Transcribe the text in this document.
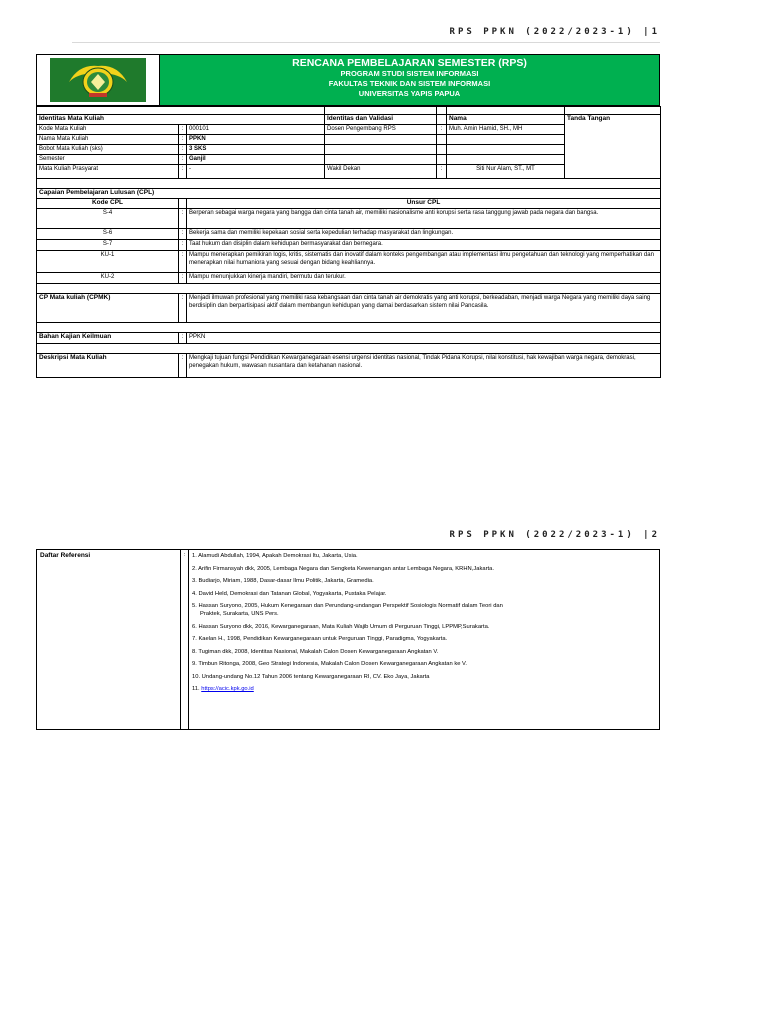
RPS PPKN (2022/2023-1) |1
RENCANA PEMBELAJARAN SEMESTER (RPS)
PROGRAM STUDI SISTEM INFORMASI
FAKULTAS TEKNIK DAN SISTEM INFORMASI
UNIVERSITAS YAPIS PAPUA

Identitas Mata Kuliah			Identitas dan Validasi		Nama	Tanda Tangan
Kode Mata Kuliah	:	000101	Dosen Pengembang RPS	:	Muh. Amin Hamid, SH., MH	
Nama Mata Kuliah	:	PPKN				
Bobot Mata Kuliah (sks)	:	3 SKS				
Semester	:	Ganjil				
Mata Kuliah Prasyarat	:	-	Wakil Dekan	:	Siti Nur Alam, ST., MT	

Capaian Pembelajaran Lulusan (CPL)						
Kode CPL		Unsur CPL				
S-4	:	Berperan sebagai warga negara yang bangga dan cinta tanah air, memiliki nasionalisme anti korupsi serta rasa tanggung jawab pada negara dan bangsa.				
S-6	:	Bekerja sama dan memiliki kepekaan sosial serta kepedulian terhadap masyarakat dan lingkungan.				
S-7	:	Taat hukum dan disiplin dalam kehidupan bermasyarakat dan bernegara.				
KU-1	:	Mampu menerapkan pemikiran logis, kritis, sistematis dan inovatif dalam konteks pengembangan atau implementasi ilmu pengetahuan dan teknologi yang memperhatikan dan menerapkan nilai humaniora yang sesuai dengan bidang keahliannya.				
KU-2	:	Mampu menunjukkan kinerja mandiri, bermutu dan terukur.				

CP Mata kuliah (CPMK)	:	Menjadi ilmuwan profesional yang memiliki rasa kebangsaan dan cinta tanah air demokratis yang anti korupsi, berkeadaban, menjadi warga Negara yang memiliki daya saing berdisiplin dan berpartisipasi aktif dalam membangun kehidupan yang damai berdasarkan sistem nilai Pancasila.				

Bahan Kajian Keilmuan	:	PPKN				

Deskripsi Mata Kuliah	:	Mengkaji tujuan fungsi Pendidikan Kewarganegaraan esensi urgensi identitas nasional, Tindak Pidana Korupsi, nilai konstitusi, hak kewajiban warga negara, demokrasi, penegakan hukum, wawasan nusantara dan ketahanan nasional.				
RPS PPKN (2022/2023-1) |2
Daftar Referensi	:	1. Alamudi Abdullah, 1994, Apakah Demokrasi Itu, Jakarta, Usia.
2. Arifin Firmansyah dkk, 2005, Lembaga Negara dan Sengketa Kewenangan antar Lembaga Negara, KRHN,Jakarta.
3. Budiarjo, Miriam, 1988, Dasar-dasar Ilmu Politik, Jakarta, Gramedia.
4. David Held, Demokrasi dan Tatanan Global, Yogyakarta, Pustaka Pelajar.
5. Hassan Suryono, 2005, Hukum Kenegaraan dan Perundang-undangan Perspektif Sosiologis Normatif dalam Teori dan Praktek, Surakarta, UNS Pers.
6. Hassan Suryono dkk, 2016, Kewarganegaraan, Mata Kuliah Wajib Umum di Perguruan Tinggi, LPPMP,Surakarta.
7. Kaelan H., 1998, Pendidikan Kewarganegaraan untuk Perguruan Tinggi, Paradigma, Yogyakarta.
8. Tugiman dkk, 2008, Identitas Nasional, Makalah Calon Dosen Kewarganegaraan Angkatan V.
9. Timbun Ritonga, 2008, Geo Strategi Indonesia, Makalah Calon Dosen Kewarganegaraan Angkatan ke V.
10. Undang-undang No.12 Tahun 2006 tentang Kewarganegaraan RI, CV. Eko Jaya, Jakarta
11. https://acic.kpk.go.id
